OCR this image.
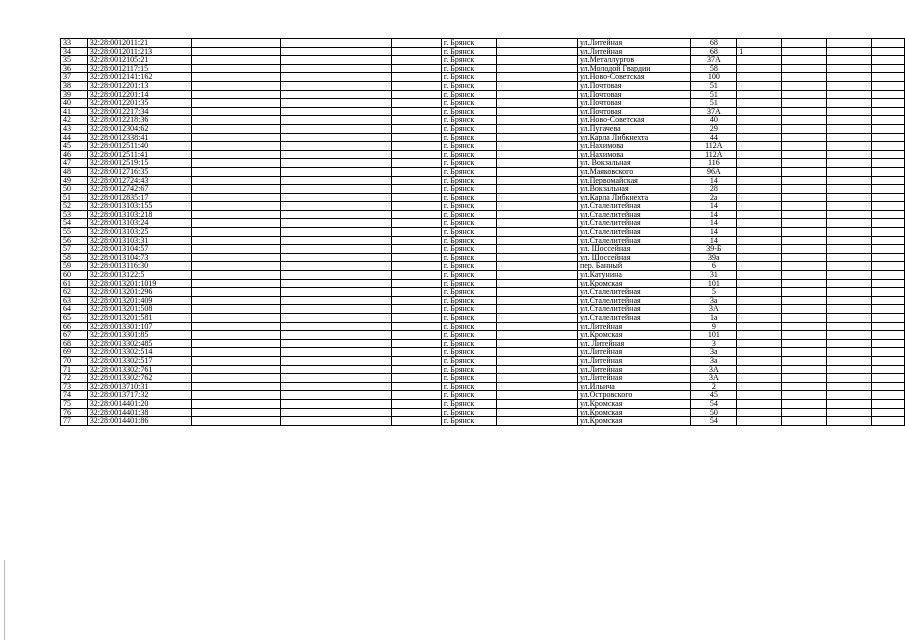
33	32:28:0012011:21				г. Брянск		ул.Литейная	68				
34	32:28:0012011:213				г. Брянск		ул.Литейная	68	1			
35	32:28:0012105:21				г. Брянск		ул.Металлургов	37А				
36	32:28:0012117:15				г. Брянск		ул.Молодой Гвардии	58				
37	32:28:0012141:162				г. Брянск		ул.Ново-Советская	100				
38	32:28:0012201:13				г. Брянск		ул.Почтовая	51				
39	32:28:0012201:14				г. Брянск		ул.Почтовая	51				
40	32:28:0012201:35				г. Брянск		ул.Почтовая	51				
41	32:28:0012217:34				г. Брянск		ул.Почтовая	37А				
42	32:28:0012218:36				г. Брянск		ул.Ново-Советская	40				
43	32:28:0012304:62				г. Брянск		ул.Пугачева	29				
44	32:28:0012338:41				г. Брянск		ул.Карла Либкнехта	44				
45	32:28:0012511:40				г. Брянск		ул.Нахимова	112А				
46	32:28:0012511:41				г. Брянск		ул.Нахимова	112А				
47	32:28:0012519:15				г. Брянск		ул. Вокзальная	116				
48	32:28:0012716:35				г. Брянск		ул.Маяковского	96А				
49	32:28:0012724:43				г. Брянск		ул.Первомайская	14				
50	32:28:0012742:67				г. Брянск		ул.Вокзальная	28				
51	32:28:0012835:17				г. Брянск		ул.Карла Либкнехта	2а				
52	32:28:0013103:155				г. Брянск		ул.Сталелитейная	14				
53	32:28:0013103:218				г. Брянск		ул.Сталелитейная	14				
54	32:28:0013103:24				г. Брянск		ул.Сталелитейная	14				
55	32:28:0013103:25				г. Брянск		ул.Сталелитейная	14				
56	32:28:0013103:31				г. Брянск		ул.Сталелитейная	14				
57	32:28:0013104:57				г. Брянск		ул. Шоссейная	39-Б				
58	32:28:0013104:73				г. Брянск		ул. Шоссейная	39а				
59	32:28:0013116:30				г. Брянск		пер. Банный	6				
60	32:28:0013122:5				г. Брянск		ул.Катунина	31				
61	32:28:0013201:1019				г. Брянск		ул.Кромская	101				
62	32:28:0013201:296				г. Брянск		ул.Сталелитейная	5				
63	32:28:0013201:409				г. Брянск		ул.Сталелитейная	3а				
64	32:28:0013201:508				г. Брянск		ул.Сталелитейная	3А				
65	32:28:0013201:581				г. Брянск		ул.Сталелитейная	1а				
66	32:28:0013301:107				г. Брянск		ул.Литейная	9				
67	32:28:0013301:85				г. Брянск		ул.Кромская	101				
68	32:28:0013302:485				г. Брянск		ул. Литейная	3				
69	32:28:0013302:514				г. Брянск		ул.Литейная	3а				
70	32:28:0013302:517				г. Брянск		ул.Литейная	3а				
71	32:28:0013302:761				г. Брянск		ул.Литейная	3А				
72	32:28:0013302:762				г. Брянск		ул.Литейная	3А				
73	32:28:0013710:31				г. Брянск		ул.Ильича	2				
74	32:28:0013717:32				г. Брянск		ул.Островского	45				
75	32:28:0014401:20				г. Брянск		ул.Кромская	54				
76	32:28:0014401:38				г. Брянск		ул.Кромская	50				
77	32:28:0014401:86				г. Брянск		ул.Кромская	54				
